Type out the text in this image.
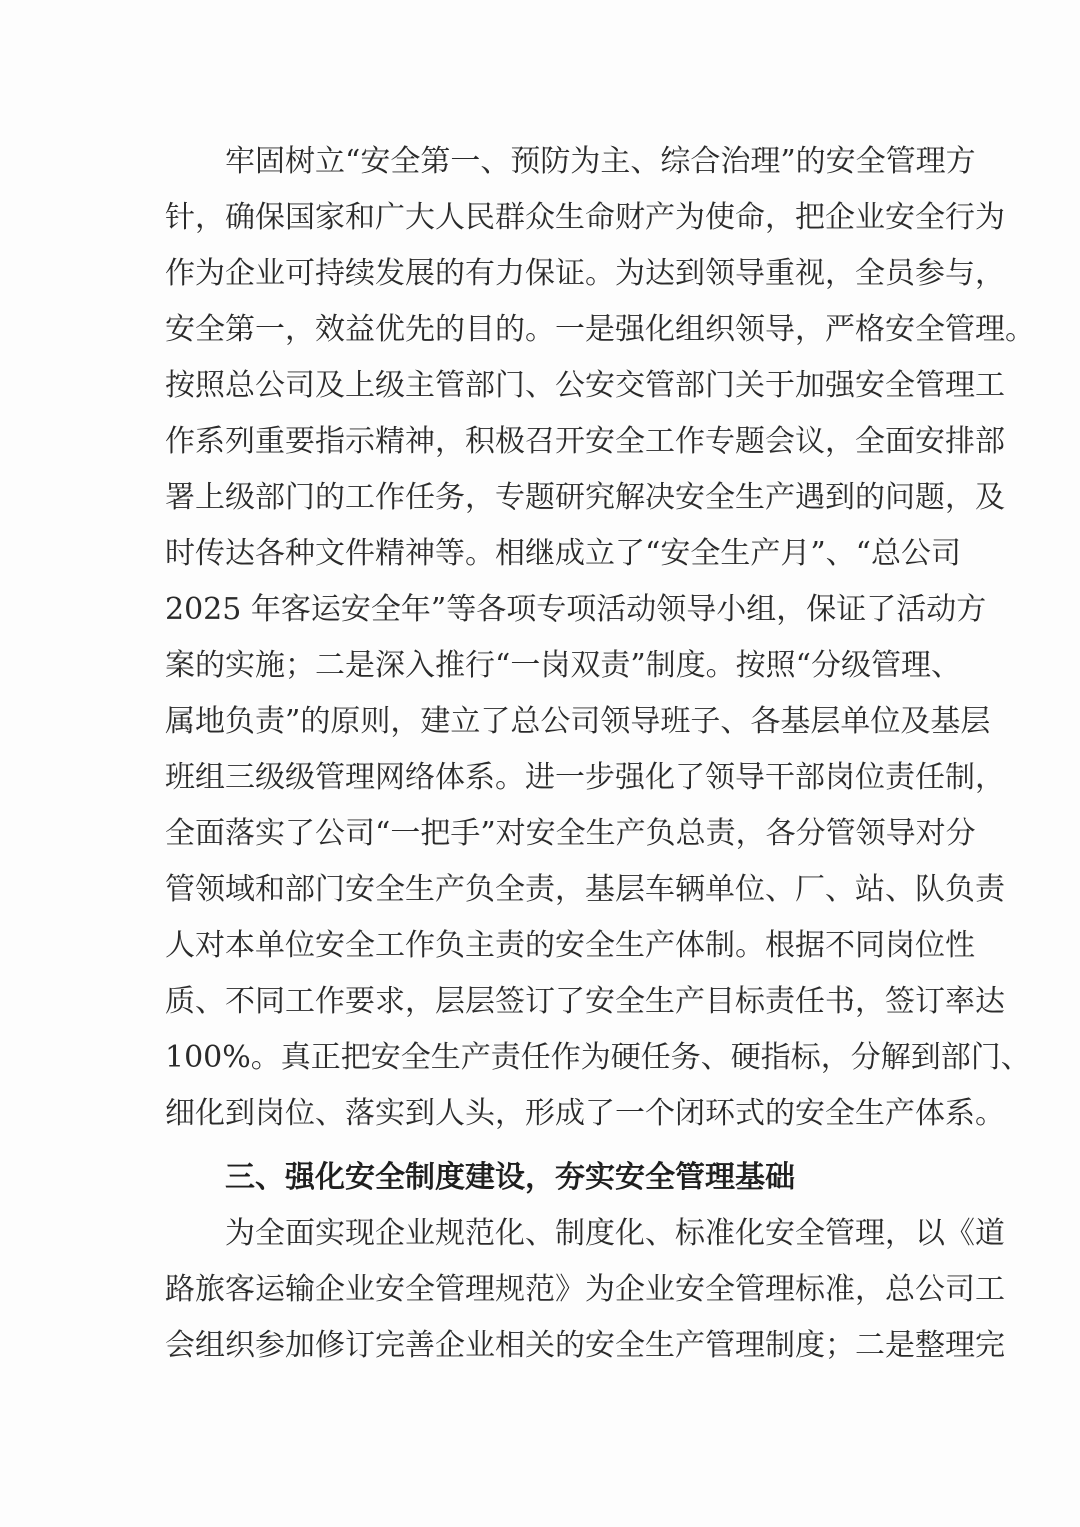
牢固树立“安全第一、预防为主、综合治理”的安全管理方
针，确保国家和广大人民群众生命财产为使命，把企业安全行为
作为企业可持续发展的有力保证。为达到领导重视，全员参与，
安全第一，效益优先的目的。一是强化组织领导，严格安全管理。
按照总公司及上级主管部门、公安交管部门关于加强安全管理工
作系列重要指示精神，积极召开安全工作专题会议，全面安排部
署上级部门的工作任务，专题研究解决安全生产遇到的问题，及
时传达各种文件精神等。相继成立了“安全生产月”、“总公司
2025 年客运安全年”等各项专项活动领导小组，保证了活动方
案的实施；二是深入推行“一岗双责”制度。按照“分级管理、
属地负责”的原则，建立了总公司领导班子、各基层单位及基层
班组三级级管理网络体系。进一步强化了领导干部岗位责任制，
全面落实了公司“一把手”对安全生产负总责，各分管领导对分
管领域和部门安全生产负全责，基层车辆单位、厂、站、队负责
人对本单位安全工作负主责的安全生产体制。根据不同岗位性
质、不同工作要求，层层签订了安全生产目标责任书，签订率达
100%。真正把安全生产责任作为硬任务、硬指标，分解到部门、
细化到岗位、落实到人头，形成了一个闭环式的安全生产体系。
三、强化安全制度建设，夯实安全管理基础
为全面实现企业规范化、制度化、标准化安全管理，以《道
路旅客运输企业安全管理规范》为企业安全管理标准，总公司工
会组织参加修订完善企业相关的安全生产管理制度；二是整理完
